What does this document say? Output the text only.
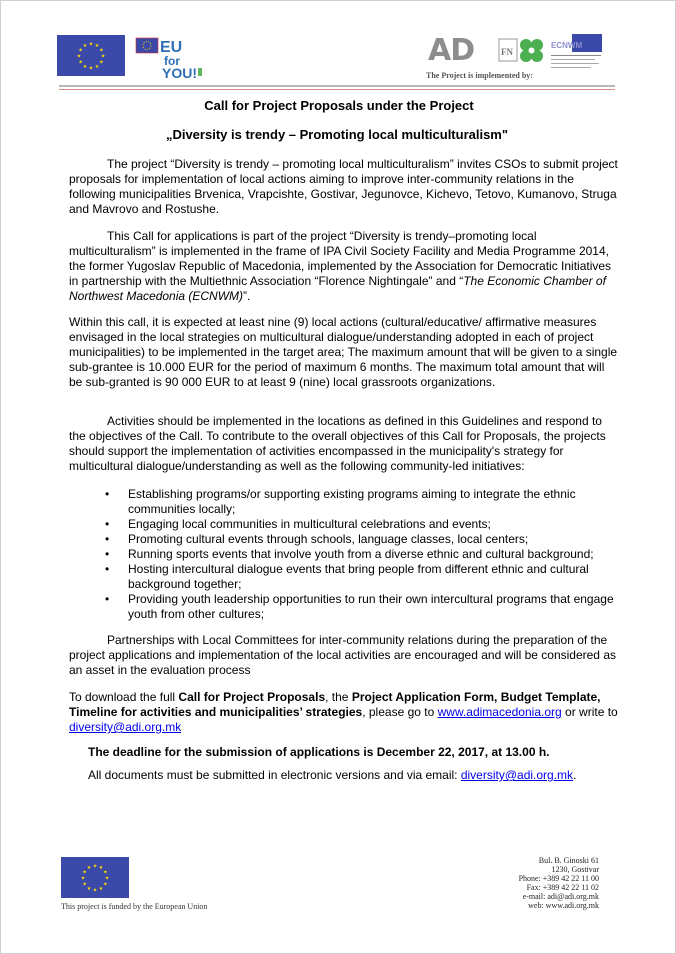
★ ★
★
★
★
★
★
★
★
★
★
★	EU
for
YOU!
AD	FN
ECNWM
The Project is implemented by:
Call for Project Proposals under the Project
„Diversity is trendy – Promoting local multiculturalism"

The project “Diversity is trendy – promoting local multiculturalism” invites CSOs to submit project proposals for implementation of local actions aiming to improve inter-community relations in the following municipalities Brvenica, Vrapcishte, Gostivar, Jegunovce, Kichevo, Tetovo, Kumanovo, Struga and Mavrovo and Rostushe.

This Call for applications is part of the project “Diversity is trendy–promoting local multiculturalism” is implemented in the frame of IPA Civil Society Facility and Media Programme 2014, the former Yugoslav Republic of Macedonia, implemented by the Association for Democratic Initiatives in partnership with the Multiethnic Association “Florence Nightingale” and “The Economic Chamber of Northwest Macedonia (ECNWM)”.

Within this call, it is expected at least nine (9) local actions (cultural/educative/ affirmative measures envisaged in the local strategies on multicultural dialogue/understanding adopted in each of project municipalities) to be implemented in the target area; The maximum amount that will be given to a single sub-grantee is 10.000 EUR for the period of maximum 6 months. The maximum total amount that will be sub-granted is 90 000 EUR to at least 9 (nine) local grassroots organizations.

Activities should be implemented in the locations as defined in this Guidelines and respond to the objectives of the Call. To contribute to the overall objectives of this Call for Proposals, the projects should support the implementation of activities encompassed in the municipality's strategy for multicultural dialogue/understanding as well as the following community-led initiatives:

• Establishing programs/or supporting existing programs aiming to integrate the ethnic communities locally;
• Engaging local communities in multicultural celebrations and events;
• Promoting cultural events through schools, language classes, local centers;
• Running sports events that involve youth from a diverse ethnic and cultural background;
• Hosting intercultural dialogue events that bring people from different ethnic and cultural background together;
• Providing youth leadership opportunities to run their own intercultural programs that engage youth from other cultures;

Partnerships with Local Committees for inter-community relations during the preparation of the project applications and implementation of the local activities are encouraged and will be considered as an asset in the evaluation process

To download the full Call for Project Proposals, the Project Application Form, Budget Template, Timeline for activities and municipalities’ strategies, please go to www.adimacedonia.org or write to diversity@adi.org.mk

The deadline for the submission of applications is December 22, 2017, at 13.00 h.
All documents must be submitted in electronic versions and via email: diversity@adi.org.mk.
★ ★
★
★
★
★
★
★
★
★
★
★
This project is funded by the European Union
Bul. B. Ginoski 61
1230, Gostivar
Phone: +389 42 22 11 00
Fax: +389 42 22 11 02
e-mail: adi@adi.org.mk
web: www.adi.org.mk
